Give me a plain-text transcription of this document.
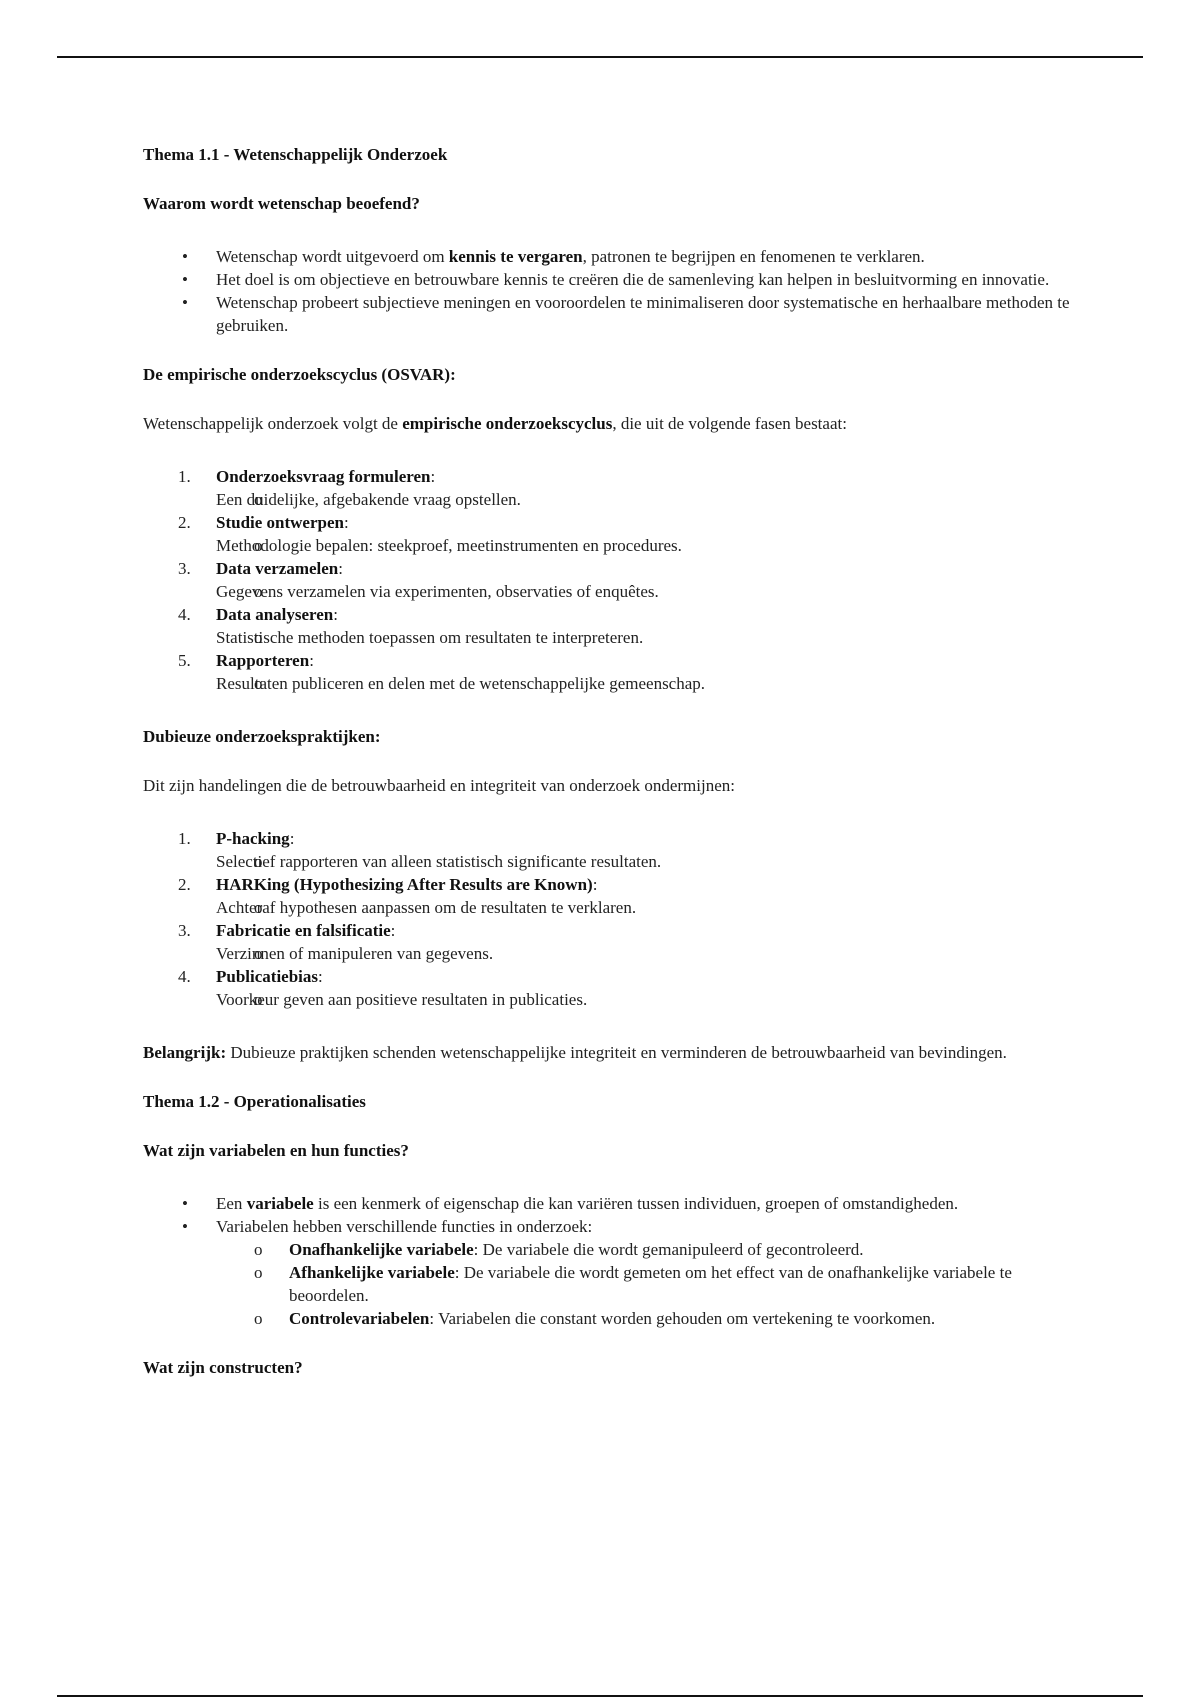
Thema 1.1 - Wetenschappelijk Onderzoek
Waarom wordt wetenschap beoefend?
• Wetenschap wordt uitgevoerd om kennis te vergaren, patronen te begrijpen en fenomenen te verklaren.
• Het doel is om objectieve en betrouwbare kennis te creëren die de samenleving kan helpen in besluitvorming en innovatie.
• Wetenschap probeert subjectieve meningen en vooroordelen te minimaliseren door systematische en herhaalbare methoden te gebruiken.
De empirische onderzoekscyclus (OSVAR):

Wetenschappelijk onderzoek volgt de empirische onderzoekscyclus, die uit de volgende fasen bestaat:

1.	Onderzoeksvraag formuleren:
o Een duidelijke, afgebakende vraag opstellen.
2.	Studie ontwerpen:
o Methodologie bepalen: steekproef, meetinstrumenten en procedures.
3.	Data verzamelen:
o Gegevens verzamelen via experimenten, observaties of enquêtes.
4.	Data analyseren:
o Statistische methoden toepassen om resultaten te interpreteren.
5.	Rapporteren:
o Resultaten publiceren en delen met de wetenschappelijke gemeenschap.
Dubieuze onderzoekspraktijken:

Dit zijn handelingen die de betrouwbaarheid en integriteit van onderzoek ondermijnen:

1.	P-hacking:
o Selectief rapporteren van alleen statistisch significante resultaten.
2.	HARKing (Hypothesizing After Results are Known):
o Achteraf hypothesen aanpassen om de resultaten te verklaren.
3.	Fabricatie en falsificatie:
o Verzinnen of manipuleren van gegevens.
4.	Publicatiebias:
o Voorkeur geven aan positieve resultaten in publicaties.

Belangrijk: Dubieuze praktijken schenden wetenschappelijke integriteit en verminderen de betrouwbaarheid van bevindingen.

Thema 1.2 - Operationalisaties
Wat zijn variabelen en hun functies?
• Een variabele is een kenmerk of eigenschap die kan variëren tussen individuen, groepen of omstandigheden.
• Variabelen hebben verschillende functies in onderzoek:
o Onafhankelijke variabele: De variabele die wordt gemanipuleerd of gecontroleerd.
o Afhankelijke variabele: De variabele die wordt gemeten om het effect van de onafhankelijke variabele te beoordelen.
o Controlevariabelen: Variabelen die constant worden gehouden om vertekening te voorkomen.
Wat zijn constructen?
